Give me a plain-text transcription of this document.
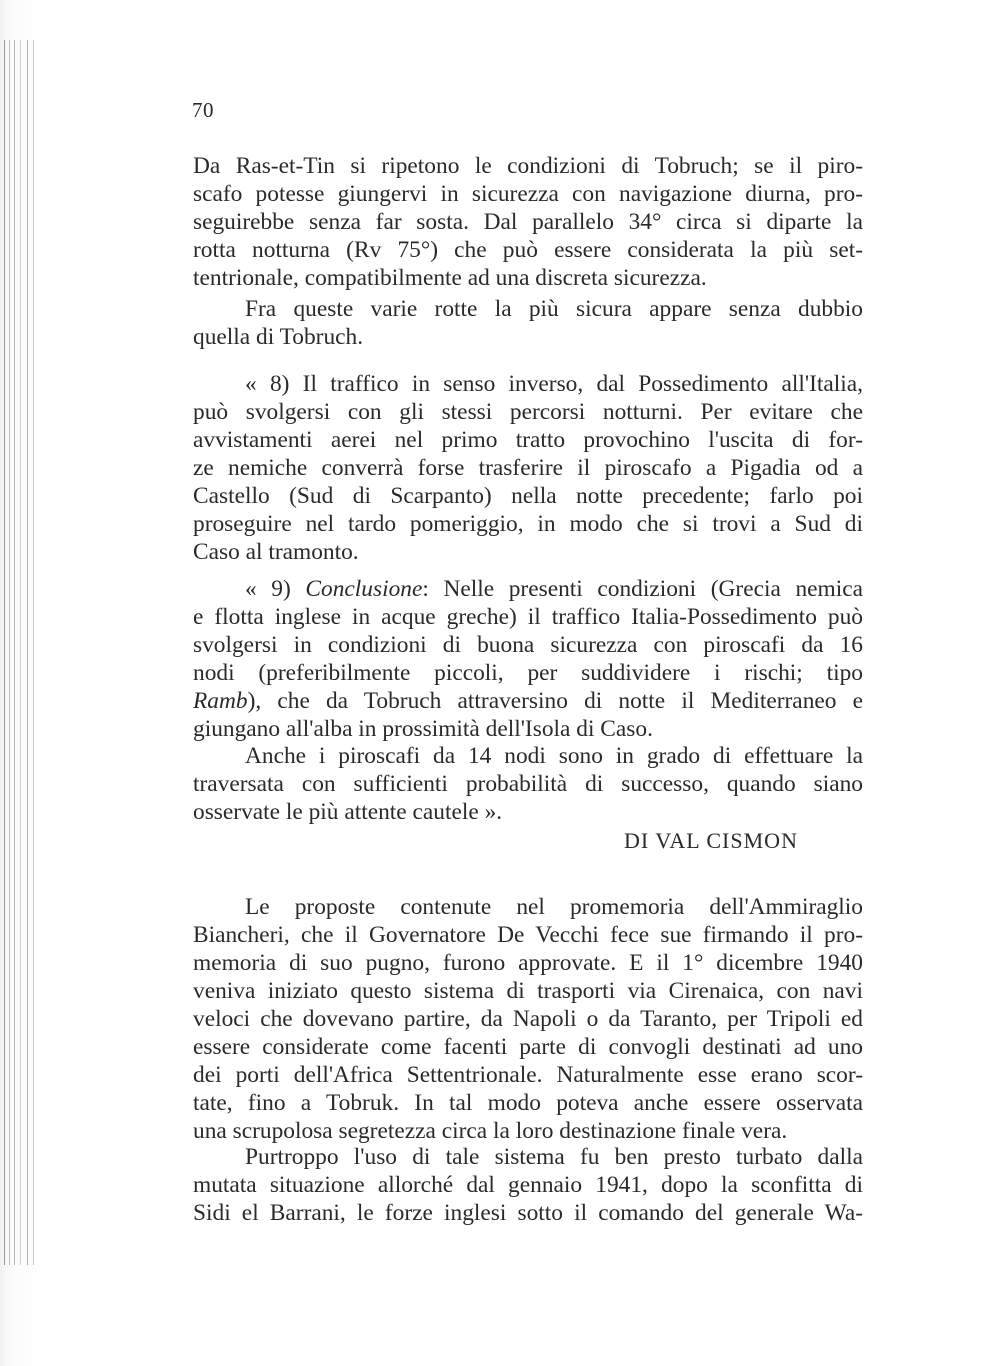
70
Da Ras-et-Tin si ripetono le condizioni di Tobruch; se il piro-
scafo potesse giungervi in sicurezza con navigazione diurna, pro-
seguirebbe senza far sosta. Dal parallelo 34° circa si diparte la
rotta notturna (Rv 75°) che può essere considerata la più set-
tentrionale, compatibilmente ad una discreta sicurezza.
Fra queste varie rotte la più sicura appare senza dubbio
quella di Tobruch.
« 8) Il traffico in senso inverso, dal Possedimento all'Italia,
può svolgersi con gli stessi percorsi notturni. Per evitare che
avvistamenti aerei nel primo tratto provochino l'uscita di for-
ze nemiche converrà forse trasferire il piroscafo a Pigadia od a
Castello (Sud di Scarpanto) nella notte precedente; farlo poi
proseguire nel tardo pomeriggio, in modo che si trovi a Sud di
Caso al tramonto.
« 9) Conclusione: Nelle presenti condizioni (Grecia nemica
e flotta inglese in acque greche) il traffico Italia-Possedimento può
svolgersi in condizioni di buona sicurezza con piroscafi da 16
nodi (preferibilmente piccoli, per suddividere i rischi; tipo
Ramb), che da Tobruch attraversino di notte il Mediterraneo e
giungano all'alba in prossimità dell'Isola di Caso.
Anche i piroscafi da 14 nodi sono in grado di effettuare la
traversata con sufficienti probabilità di successo, quando siano
osservate le più attente cautele ».
DI VAL CISMON
Le proposte contenute nel promemoria dell'Ammiraglio
Biancheri, che il Governatore De Vecchi fece sue firmando il pro-
memoria di suo pugno, furono approvate. E il 1° dicembre 1940
veniva iniziato questo sistema di trasporti via Cirenaica, con navi
veloci che dovevano partire, da Napoli o da Taranto, per Tripoli ed
essere considerate come facenti parte di convogli destinati ad uno
dei porti dell'Africa Settentrionale. Naturalmente esse erano scor-
tate, fino a Tobruk. In tal modo poteva anche essere osservata
una scrupolosa segretezza circa la loro destinazione finale vera.
Purtroppo l'uso di tale sistema fu ben presto turbato dalla
mutata situazione allorché dal gennaio 1941, dopo la sconfitta di
Sidi el Barrani, le forze inglesi sotto il comando del generale Wa-
